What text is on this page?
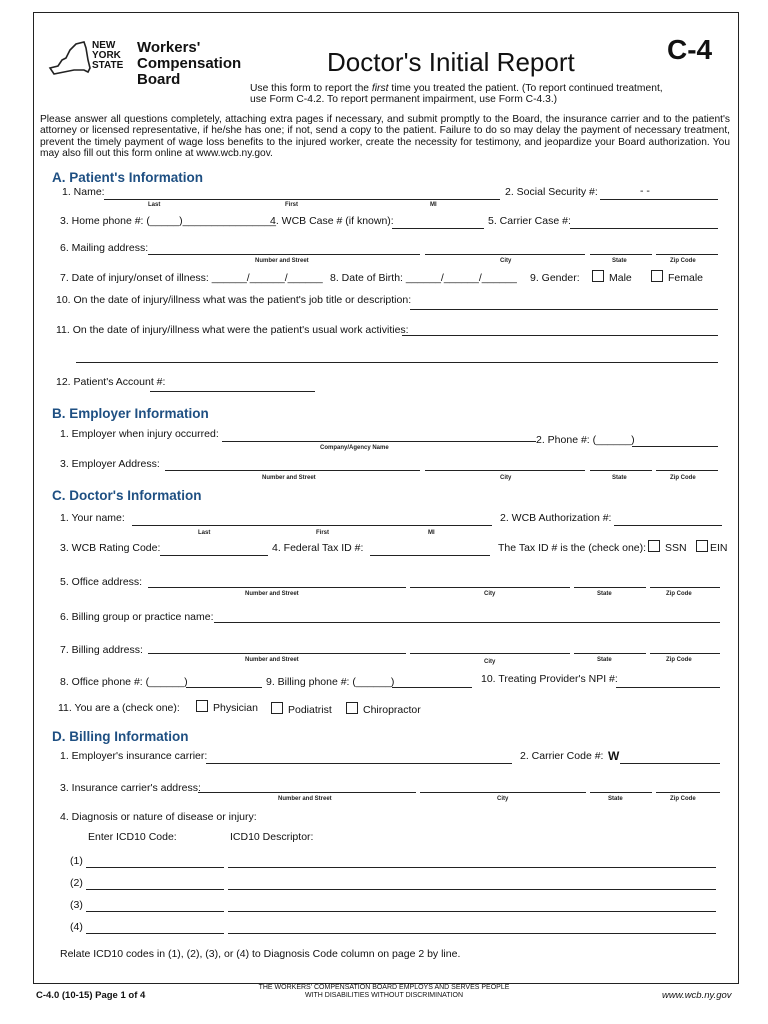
NEW
YORK
STATE
Workers'
Compensation
Board
Doctor's Initial Report	C-4
Use this form to report the first time you treated the patient. (To report continued treatment,
use Form C-4.2. To report permanent impairment, use Form C-4.3.)
Please answer all questions completely, attaching extra pages if necessary, and submit promptly to the Board, the insurance carrier and to the patient's attorney or licensed representative, if he/she has one; if not, send a copy to the patient. Failure to do so may delay the payment of necessary treatment, prevent the timely payment of wage loss benefits to the injured worker, create the necessity for testimony, and jeopardize your Board authorization. You may also fill out this form online at www.wcb.ny.gov.
A. Patient's Information
1. Name:
Last	First	MI
2. Social Security #:	- -
3. Home phone #: (_____)________________
4. WCB Case # (if known):	5. Carrier Case #:
6. Mailing address:
Number and Street	City	State	Zip Code
7. Date of injury/onset of illness: ______/______/______ 8. Date of Birth: ______/______/______ 9. Gender:	Male	Female
10. On the date of injury/illness what was the patient's job title or description:
11. On the date of injury/illness what were the patient's usual work activities:
12. Patient's Account #:
B. Employer Information
1. Employer when injury occurred:
Company/Agency Name
2. Phone #: (______)
3. Employer Address:
Number and Street	City	State	Zip Code
C. Doctor's Information
1. Your name:
Last	First	MI
2. WCB Authorization #:
3. WCB Rating Code:	4. Federal Tax ID #:	The Tax ID # is the (check one):	SSN	EIN
5. Office address:
Number and Street	City	State	Zip Code
6. Billing group or practice name:
7. Billing address:
Number and Street	City	State	Zip Code
8. Office phone #: (______)	9. Billing phone #: (______)	10. Treating Provider's NPI #:
11. You are a (check one):	Physician	Podiatrist	Chiropractor
D. Billing Information
1. Employer's insurance carrier:	2. Carrier Code #: W
3. Insurance carrier's address:
Number and Street	City	State	Zip Code
4. Diagnosis or nature of disease or injury:
Enter ICD10 Code:	ICD10 Descriptor:
(1)
(2)
(3)
(4)
Relate ICD10 codes in (1), (2), (3), or (4) to Diagnosis Code column on page 2 by line.
C-4.0 (10-15) Page 1 of 4
THE WORKERS' COMPENSATION BOARD EMPLOYS AND SERVES PEOPLE
WITH DISABILITIES WITHOUT DISCRIMINATION	www.wcb.ny.gov
